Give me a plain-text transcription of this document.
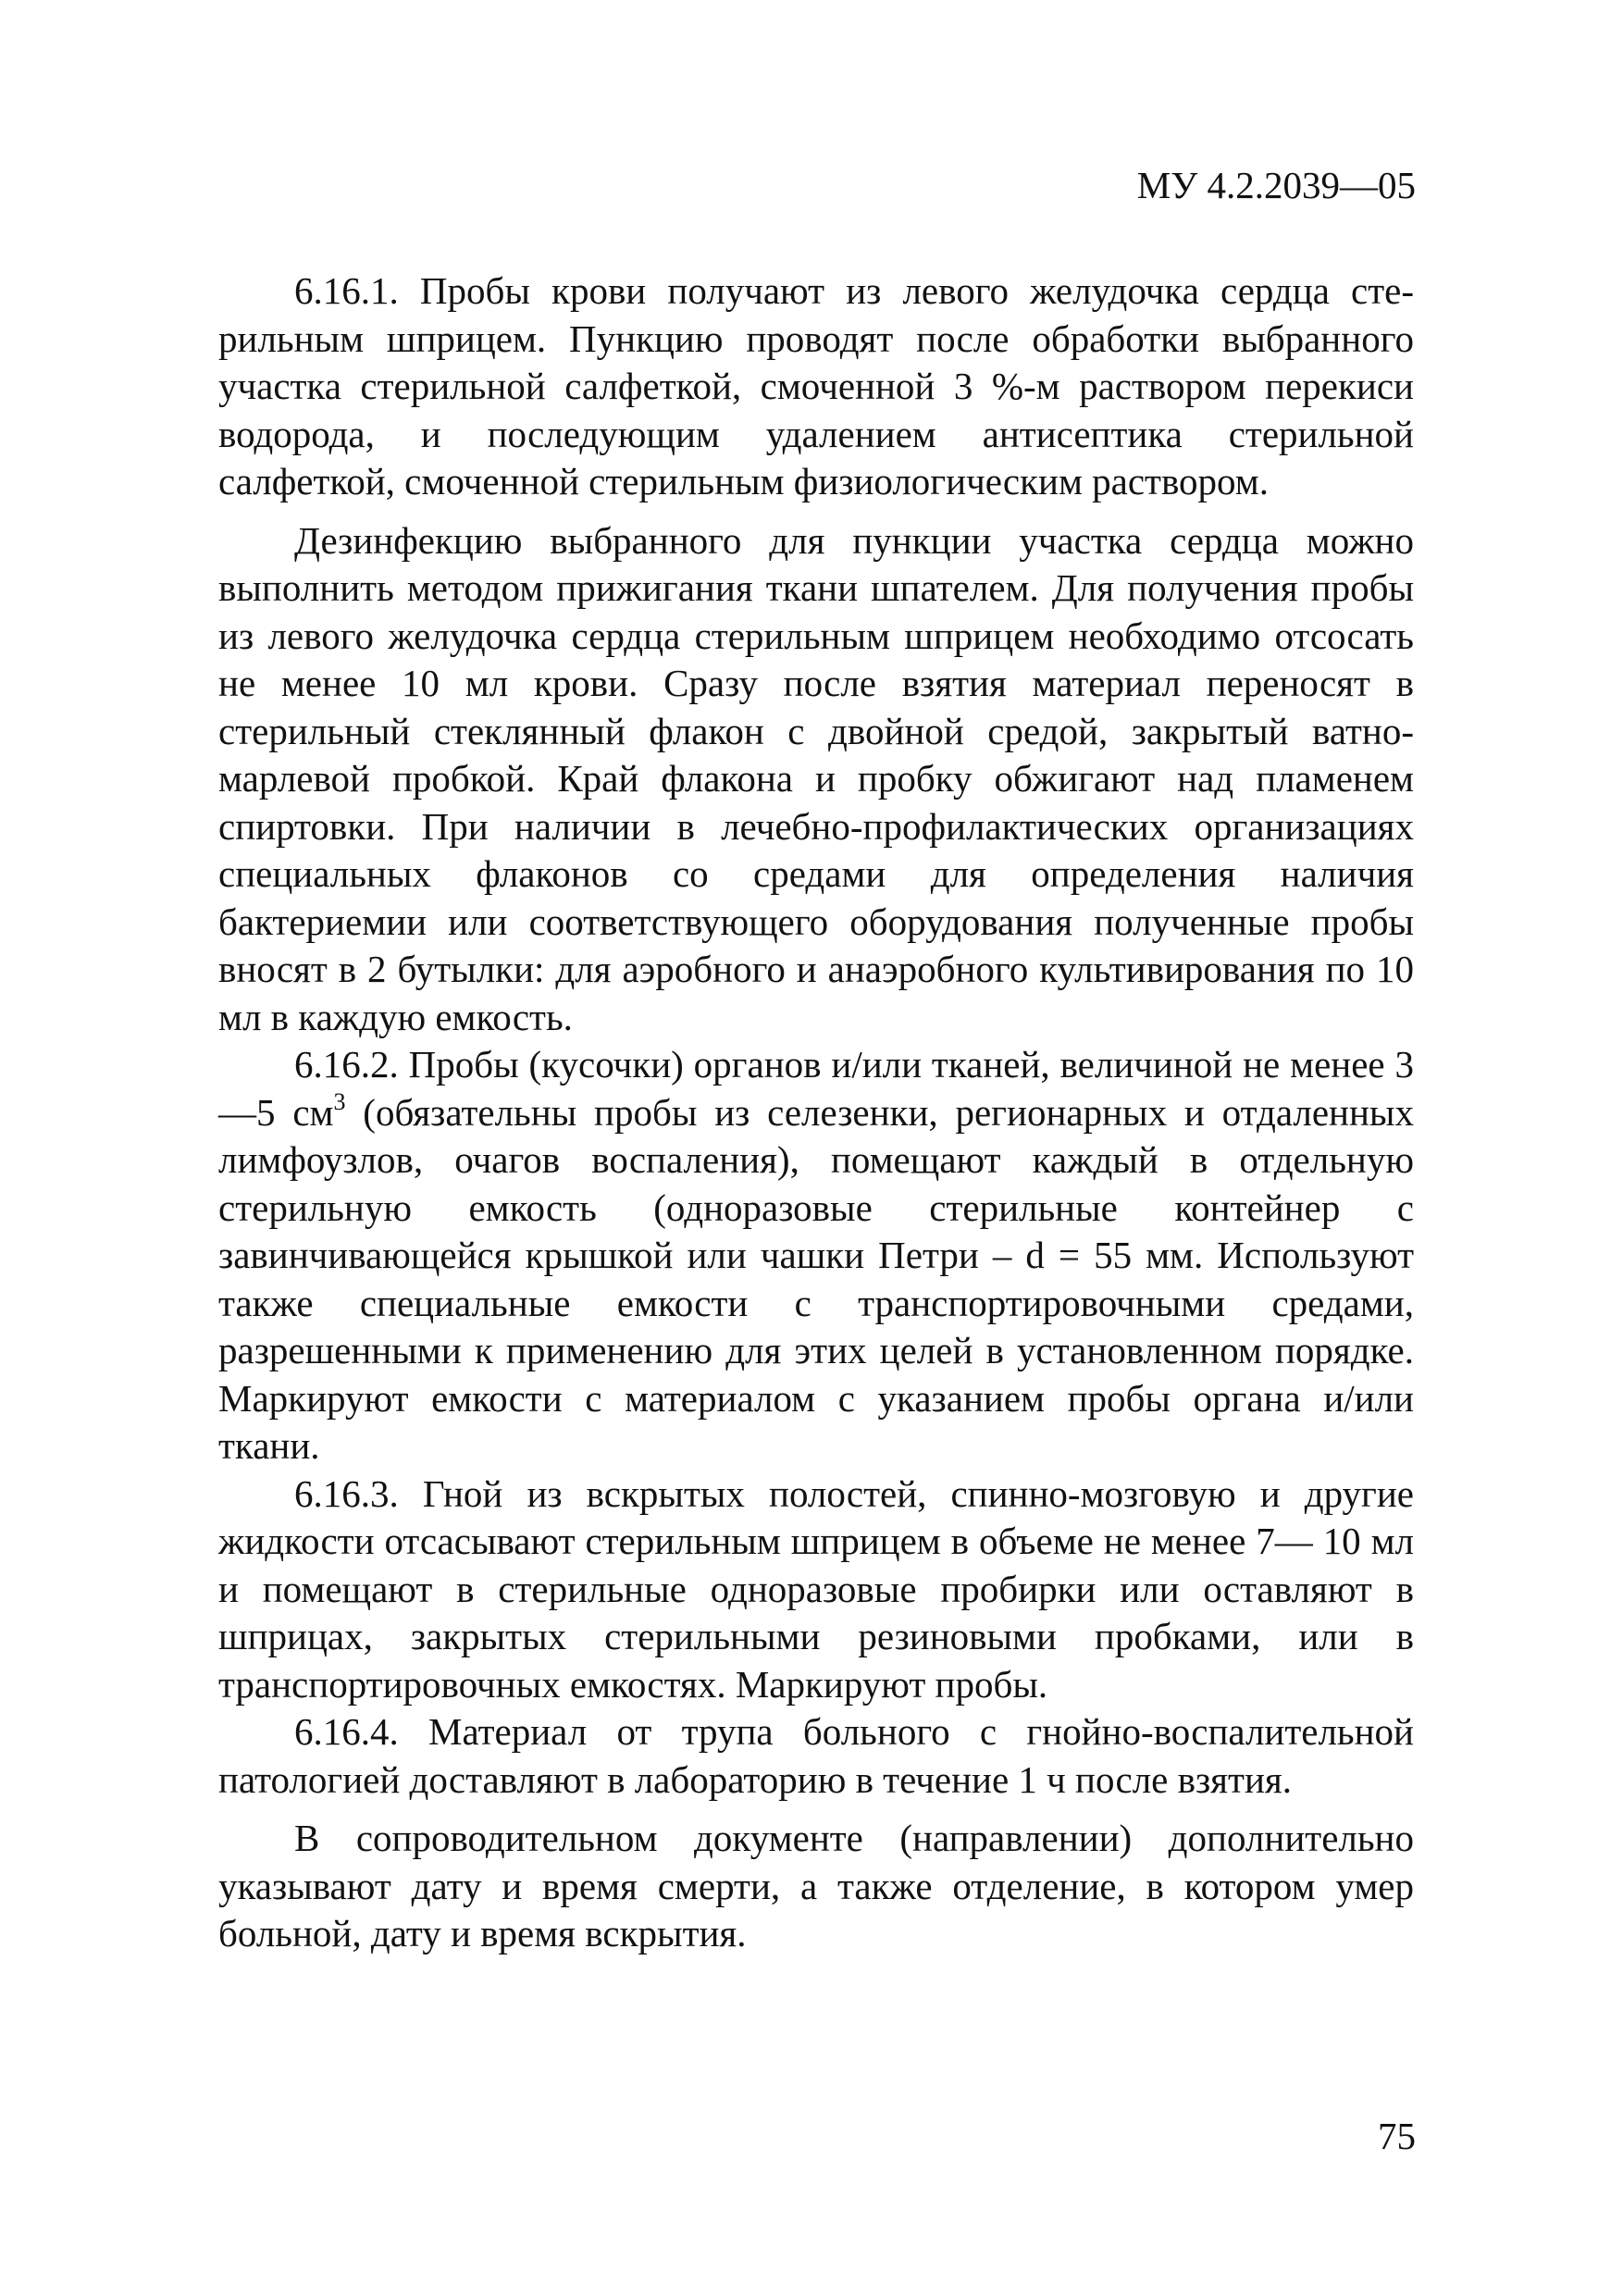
МУ 4.2.2039—05

6.16.1. Пробы крови получают из левого желудочка сердца стерильным шприцем. Пункцию проводят после обработки выбранного участка стерильной салфеткой, смоченной 3 %-м раствором перекиси водорода, и последующим удалением антисептика стерильной салфеткой, смоченной стерильным физиологическим раствором.

Дезинфекцию выбранного для пункции участка сердца можно выполнить методом прижигания ткани шпателем. Для получения пробы из левого желудочка сердца стерильным шприцем необходимо отсосать не менее 10 мл крови. Сразу после взятия материал переносят в стерильный стеклянный флакон с двойной средой, закрытый ватно-марлевой пробкой. Край флакона и пробку обжигают над пламенем спиртовки. При наличии в лечебно-профилактических организациях специальных флаконов со средами для определения наличия бактериемии или соответствующего оборудования полученные пробы вносят в 2 бутылки: для аэробного и анаэробного культивирования по 10 мл в каждую емкость.

6.16.2. Пробы (кусочки) органов и/или тканей, величиной не менее 3—5 $см^3$ (обязательны пробы из селезенки, регионарных и отдаленных лимфоузлов, очагов воспаления), помещают каждый в отдельную стерильную емкость (одноразовые стерильные контейнер с завинчивающейся крышкой или чашки Петри – d = 55 мм. Используют также специальные емкости с транспортировочными средами, разрешенными к применению для этих целей в установленном порядке. Маркируют емкости с материалом с указанием пробы органа и/или ткани.

6.16.3. Гной из вскрытых полостей, спинно-мозговую и другие жидкости отсасывают стерильным шприцем в объеме не менее 7— 10 мл и помещают в стерильные одноразовые пробирки или оставляют в шприцах, закрытых стерильными резиновыми пробками, или в транспортировочных емкостях. Маркируют пробы.

6.16.4. Материал от трупа больного с гнойно-воспалительной патологией доставляют в лабораторию в течение 1 ч после взятия.

В сопроводительном документе (направлении) дополнительно указывают дату и время смерти, а также отделение, в котором умер больной, дату и время вскрытия.

75
